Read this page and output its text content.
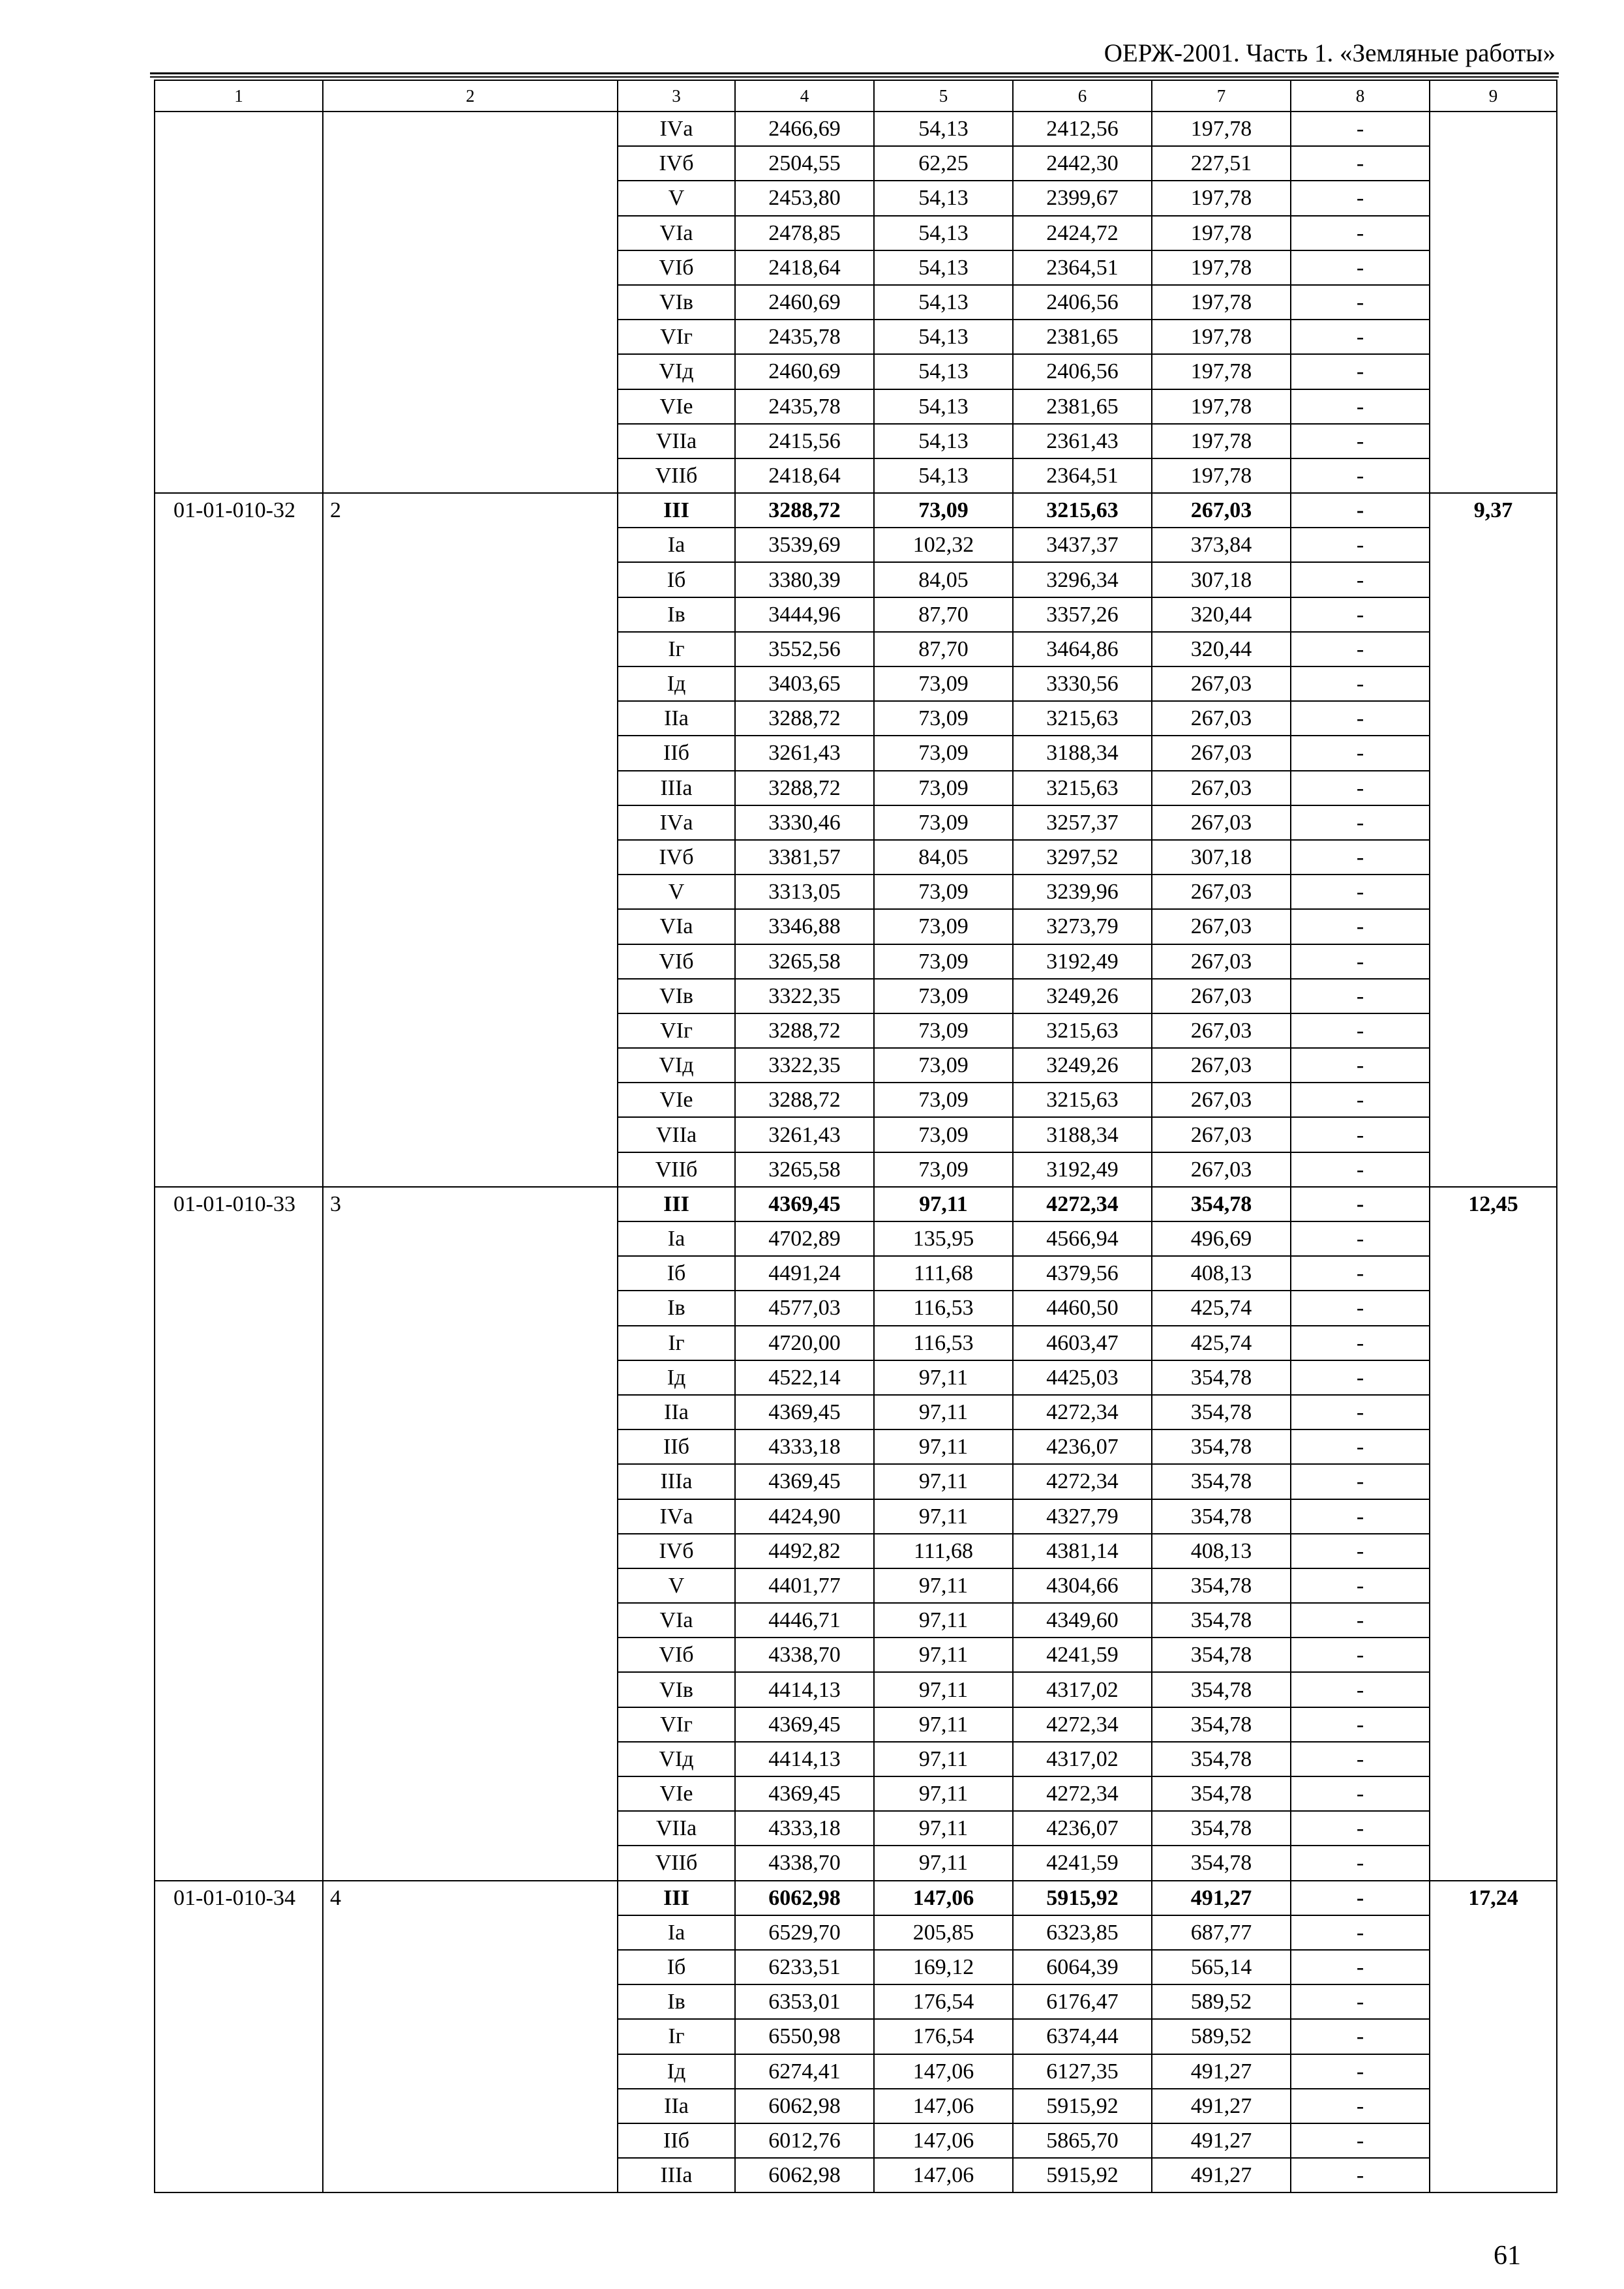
ОЕРЖ-2001. Часть 1. «Земляные работы»
1	2	3	4	5	6	7	8	9
		IVа	2466,69	54,13	2412,56	197,78	-	
		IVб	2504,55	62,25	2442,30	227,51	-	
		V	2453,80	54,13	2399,67	197,78	-	
		VIа	2478,85	54,13	2424,72	197,78	-	
		VIб	2418,64	54,13	2364,51	197,78	-	
		VIв	2460,69	54,13	2406,56	197,78	-	
		VIг	2435,78	54,13	2381,65	197,78	-	
		VIд	2460,69	54,13	2406,56	197,78	-	
		VIе	2435,78	54,13	2381,65	197,78	-	
		VIIа	2415,56	54,13	2361,43	197,78	-	
		VIIб	2418,64	54,13	2364,51	197,78	-	
01-01-010-32	2	III	3288,72	73,09	3215,63	267,03	-	9,37
		Iа	3539,69	102,32	3437,37	373,84	-	
		Iб	3380,39	84,05	3296,34	307,18	-	
		Iв	3444,96	87,70	3357,26	320,44	-	
		Iг	3552,56	87,70	3464,86	320,44	-	
		Iд	3403,65	73,09	3330,56	267,03	-	
		IIа	3288,72	73,09	3215,63	267,03	-	
		IIб	3261,43	73,09	3188,34	267,03	-	
		IIIа	3288,72	73,09	3215,63	267,03	-	
		IVа	3330,46	73,09	3257,37	267,03	-	
		IVб	3381,57	84,05	3297,52	307,18	-	
		V	3313,05	73,09	3239,96	267,03	-	
		VIа	3346,88	73,09	3273,79	267,03	-	
		VIб	3265,58	73,09	3192,49	267,03	-	
		VIв	3322,35	73,09	3249,26	267,03	-	
		VIг	3288,72	73,09	3215,63	267,03	-	
		VIд	3322,35	73,09	3249,26	267,03	-	
		VIе	3288,72	73,09	3215,63	267,03	-	
		VIIа	3261,43	73,09	3188,34	267,03	-	
		VIIб	3265,58	73,09	3192,49	267,03	-	
01-01-010-33	3	III	4369,45	97,11	4272,34	354,78	-	12,45
		Iа	4702,89	135,95	4566,94	496,69	-	
		Iб	4491,24	111,68	4379,56	408,13	-	
		Iв	4577,03	116,53	4460,50	425,74	-	
		Iг	4720,00	116,53	4603,47	425,74	-	
		Iд	4522,14	97,11	4425,03	354,78	-	
		IIа	4369,45	97,11	4272,34	354,78	-	
		IIб	4333,18	97,11	4236,07	354,78	-	
		IIIа	4369,45	97,11	4272,34	354,78	-	
		IVа	4424,90	97,11	4327,79	354,78	-	
		IVб	4492,82	111,68	4381,14	408,13	-	
		V	4401,77	97,11	4304,66	354,78	-	
		VIа	4446,71	97,11	4349,60	354,78	-	
		VIб	4338,70	97,11	4241,59	354,78	-	
		VIв	4414,13	97,11	4317,02	354,78	-	
		VIг	4369,45	97,11	4272,34	354,78	-	
		VIд	4414,13	97,11	4317,02	354,78	-	
		VIе	4369,45	97,11	4272,34	354,78	-	
		VIIа	4333,18	97,11	4236,07	354,78	-	
		VIIб	4338,70	97,11	4241,59	354,78	-	
01-01-010-34	4	III	6062,98	147,06	5915,92	491,27	-	17,24
		Iа	6529,70	205,85	6323,85	687,77	-	
		Iб	6233,51	169,12	6064,39	565,14	-	
		Iв	6353,01	176,54	6176,47	589,52	-	
		Iг	6550,98	176,54	6374,44	589,52	-	
		Iд	6274,41	147,06	6127,35	491,27	-	
		IIа	6062,98	147,06	5915,92	491,27	-	
		IIб	6012,76	147,06	5865,70	491,27	-	
		IIIа	6062,98	147,06	5915,92	491,27	-	
61
